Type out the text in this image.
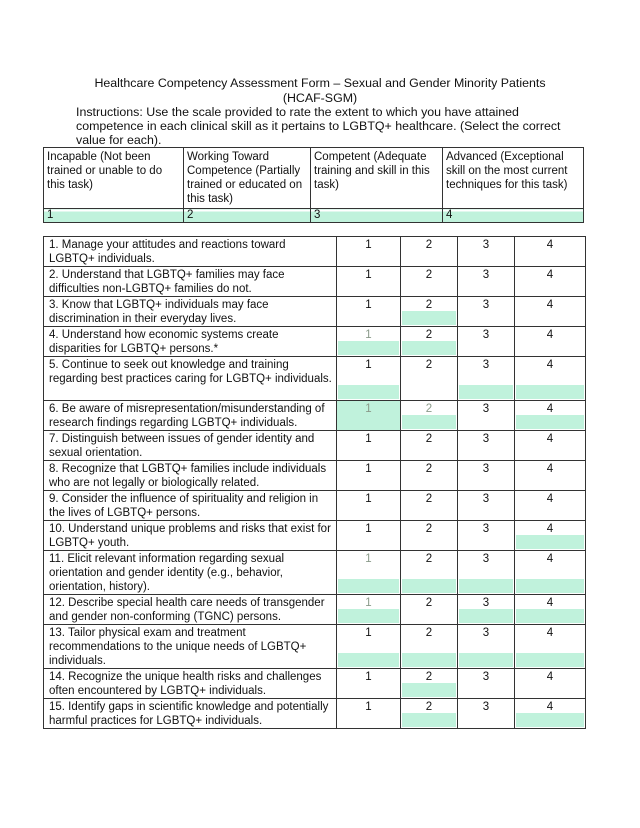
Healthcare Competency Assessment Form – Sexual and Gender Minority Patients
(HCAF-SGM)
Instructions: Use the scale provided to rate the extent to which you have attained competence in each clinical skill as it pertains to LGBTQ+ healthcare. (Select the correct value for each).
Incapable (Not been trained or unable to do this task)	Working Toward Competence (Partially trained or educated on this task)	Competent (Adequate training and skill in this task)	Advanced (Exceptional skill on the most current techniques for this task)
1	2	3	4
1. Manage your attitudes and reactions toward LGBTQ+ individuals.	1	2	3	4
2. Understand that LGBTQ+ families may face difficulties non-LGBTQ+ families do not.	1	2	3	4
3. Know that LGBTQ+ individuals may face discrimination in their everyday lives.	1	2	3	4
4. Understand how economic systems create disparities for LGBTQ+ persons.*	1	2	3	4
5. Continue to seek out knowledge and training regarding best practices caring for LGBTQ+ individuals.	1	2	3	4
6. Be aware of misrepresentation/misunderstanding of research findings regarding LGBTQ+ individuals.	1	2	3	4
7. Distinguish between issues of gender identity and sexual orientation.	1	2	3	4
8. Recognize that LGBTQ+ families include individuals who are not legally or biologically related.	1	2	3	4
9. Consider the influence of spirituality and religion in the lives of LGBTQ+ persons.	1	2	3	4
10. Understand unique problems and risks that exist for LGBTQ+ youth.	1	2	3	4
11. Elicit relevant information regarding sexual orientation and gender identity (e.g., behavior, orientation, history).	1	2	3	4
12. Describe special health care needs of transgender and gender non-conforming (TGNC) persons.	1	2	3	4
13. Tailor physical exam and treatment recommendations to the unique needs of LGBTQ+ individuals.	1	2	3	4
14. Recognize the unique health risks and challenges often encountered by LGBTQ+ individuals.	1	2	3	4
15. Identify gaps in scientific knowledge and potentially harmful practices for LGBTQ+ individuals.	1	2	3	4
